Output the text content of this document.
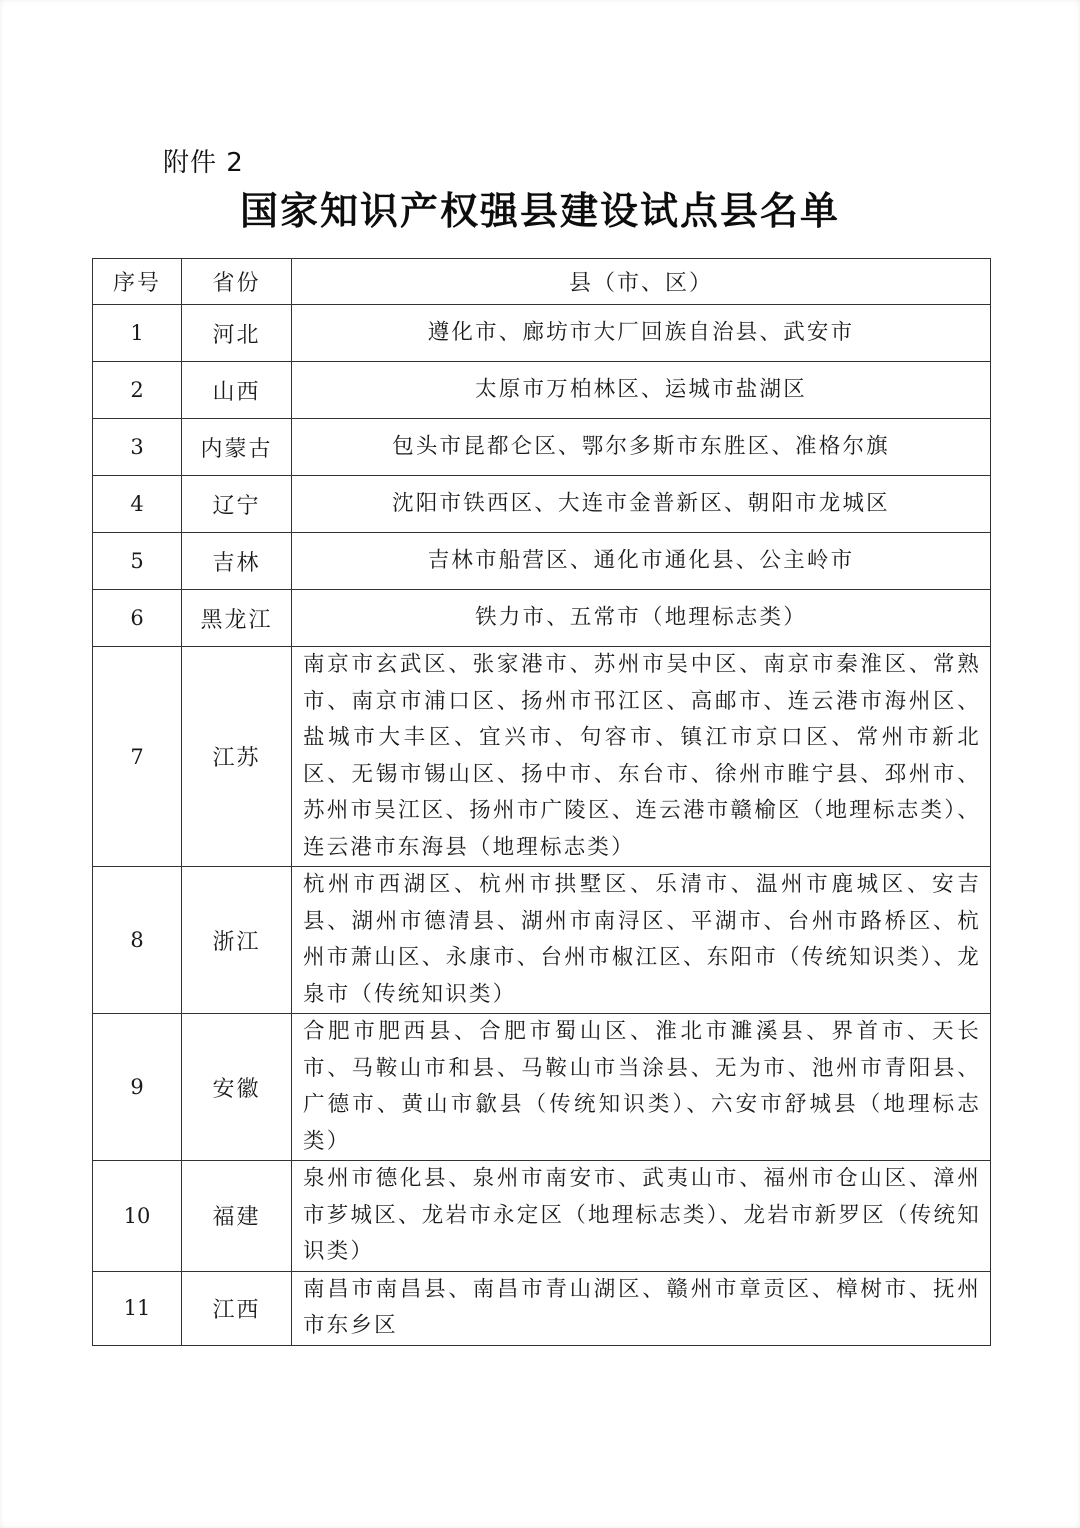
附件 2
国家知识产权强县建设试点县名单
序号	省份	县（市、区）
1	河北	遵化市、廊坊市大厂回族自治县、武安市
2	山西	太原市万柏林区、运城市盐湖区
3	内蒙古	包头市昆都仑区、鄂尔多斯市东胜区、准格尔旗
4	辽宁	沈阳市铁西区、大连市金普新区、朝阳市龙城区
5	吉林	吉林市船营区、通化市通化县、公主岭市
6	黑龙江	铁力市、五常市（地理标志类）
7	江苏	南京市玄武区、张家港市、苏州市吴中区、南京市秦淮区、常熟市、南京市浦口区、扬州市邗江区、高邮市、连云港市海州区、盐城市大丰区、宜兴市、句容市、镇江市京口区、常州市新北区、无锡市锡山区、扬中市、东台市、徐州市睢宁县、邳州市、苏州市吴江区、扬州市广陵区、连云港市赣榆区（地理标志类）、连云港市东海县（地理标志类）
8	浙江	杭州市西湖区、杭州市拱墅区、乐清市、温州市鹿城区、安吉县、湖州市德清县、湖州市南浔区、平湖市、台州市路桥区、杭州市萧山区、永康市、台州市椒江区、东阳市（传统知识类）、龙泉市（传统知识类）
9	安徽	合肥市肥西县、合肥市蜀山区、淮北市濉溪县、界首市、天长市、马鞍山市和县、马鞍山市当涂县、无为市、池州市青阳县、广德市、黄山市歙县（传统知识类）、六安市舒城县（地理标志类）
10	福建	泉州市德化县、泉州市南安市、武夷山市、福州市仓山区、漳州市芗城区、龙岩市永定区（地理标志类）、龙岩市新罗区（传统知识类）
11	江西	南昌市南昌县、南昌市青山湖区、赣州市章贡区、樟树市、抚州市东乡区
